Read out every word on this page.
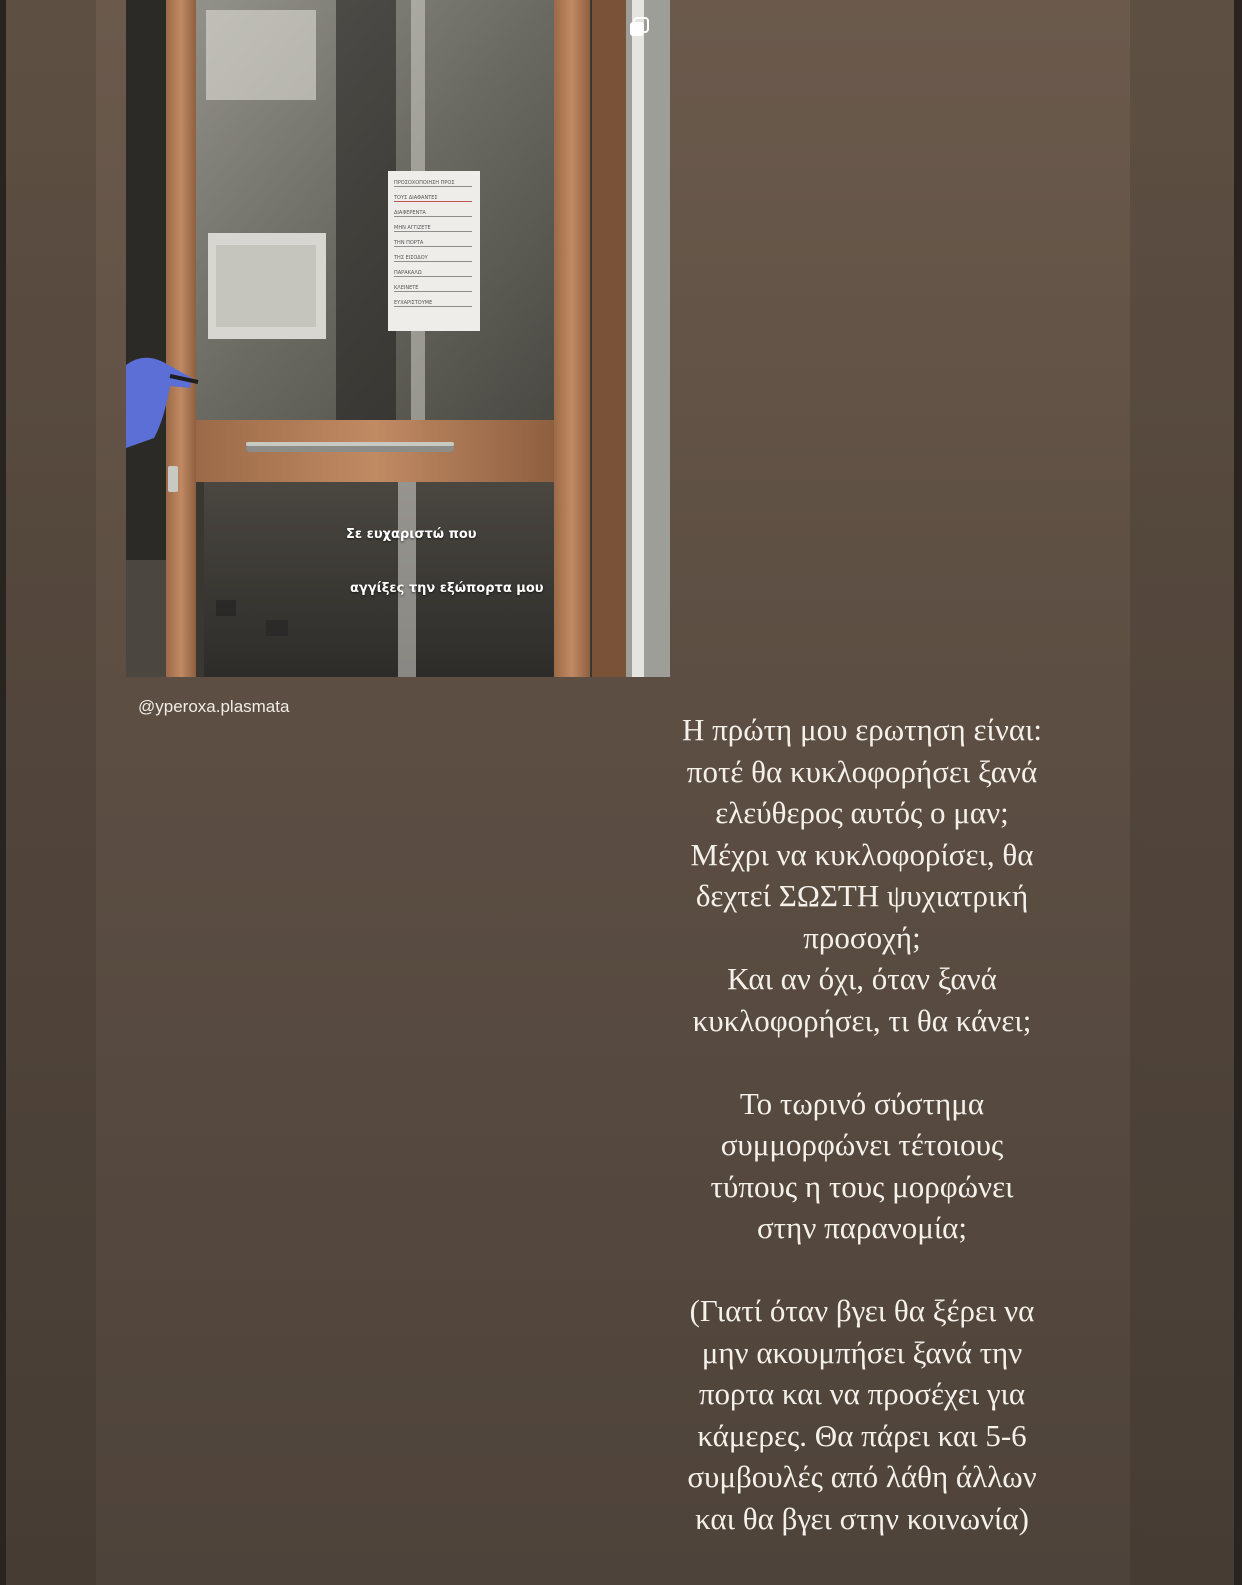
ΠΡΟΣΟΧΟΠΟΙΗΣΗ ΠΡΟΣ
ΤΟΥΣ ΔΙΑΦΑΝΤΕΣ
ΔΙΑΦΕΡΕΝΤΑ
ΜΗΝ ΑΓΓΙΖΕΤΕ
ΤΗΝ ΠΟΡΤΑ
ΤΗΣ ΕΙΣΟΔΟΥ
ΠΑΡΑΚΑΛΩ
ΚΛΕΙΝΕΤΕ
ΕΥΧΑΡΙΣΤΟΥΜΕ

Σε ευχαριστώ που

αγγίξες την εξώπορτα μου

@yperoxa.plasmata
Η πρώτη μου ερωτηση είναι:
ποτέ θα κυκλοφορήσει ξανά
ελεύθερος αυτός ο μαν;
Μέχρι να κυκλοφορίσει, θα
δεχτεί ΣΩΣΤΗ ψυχιατρική
προσοχή;
Και αν όχι, όταν ξανά
κυκλοφορήσει, τι θα κάνει;
Το τωρινό σύστημα
συμμορφώνει τέτοιους
τύπους η τους μορφώνει
στην παρανομία;
(Γιατί όταν βγει θα ξέρει να
μην ακουμπήσει ξανά την
πορτα και να προσέχει για
κάμερες. Θα πάρει και 5-6
συμβουλές από λάθη άλλων
και θα βγει στην κοινωνία)
